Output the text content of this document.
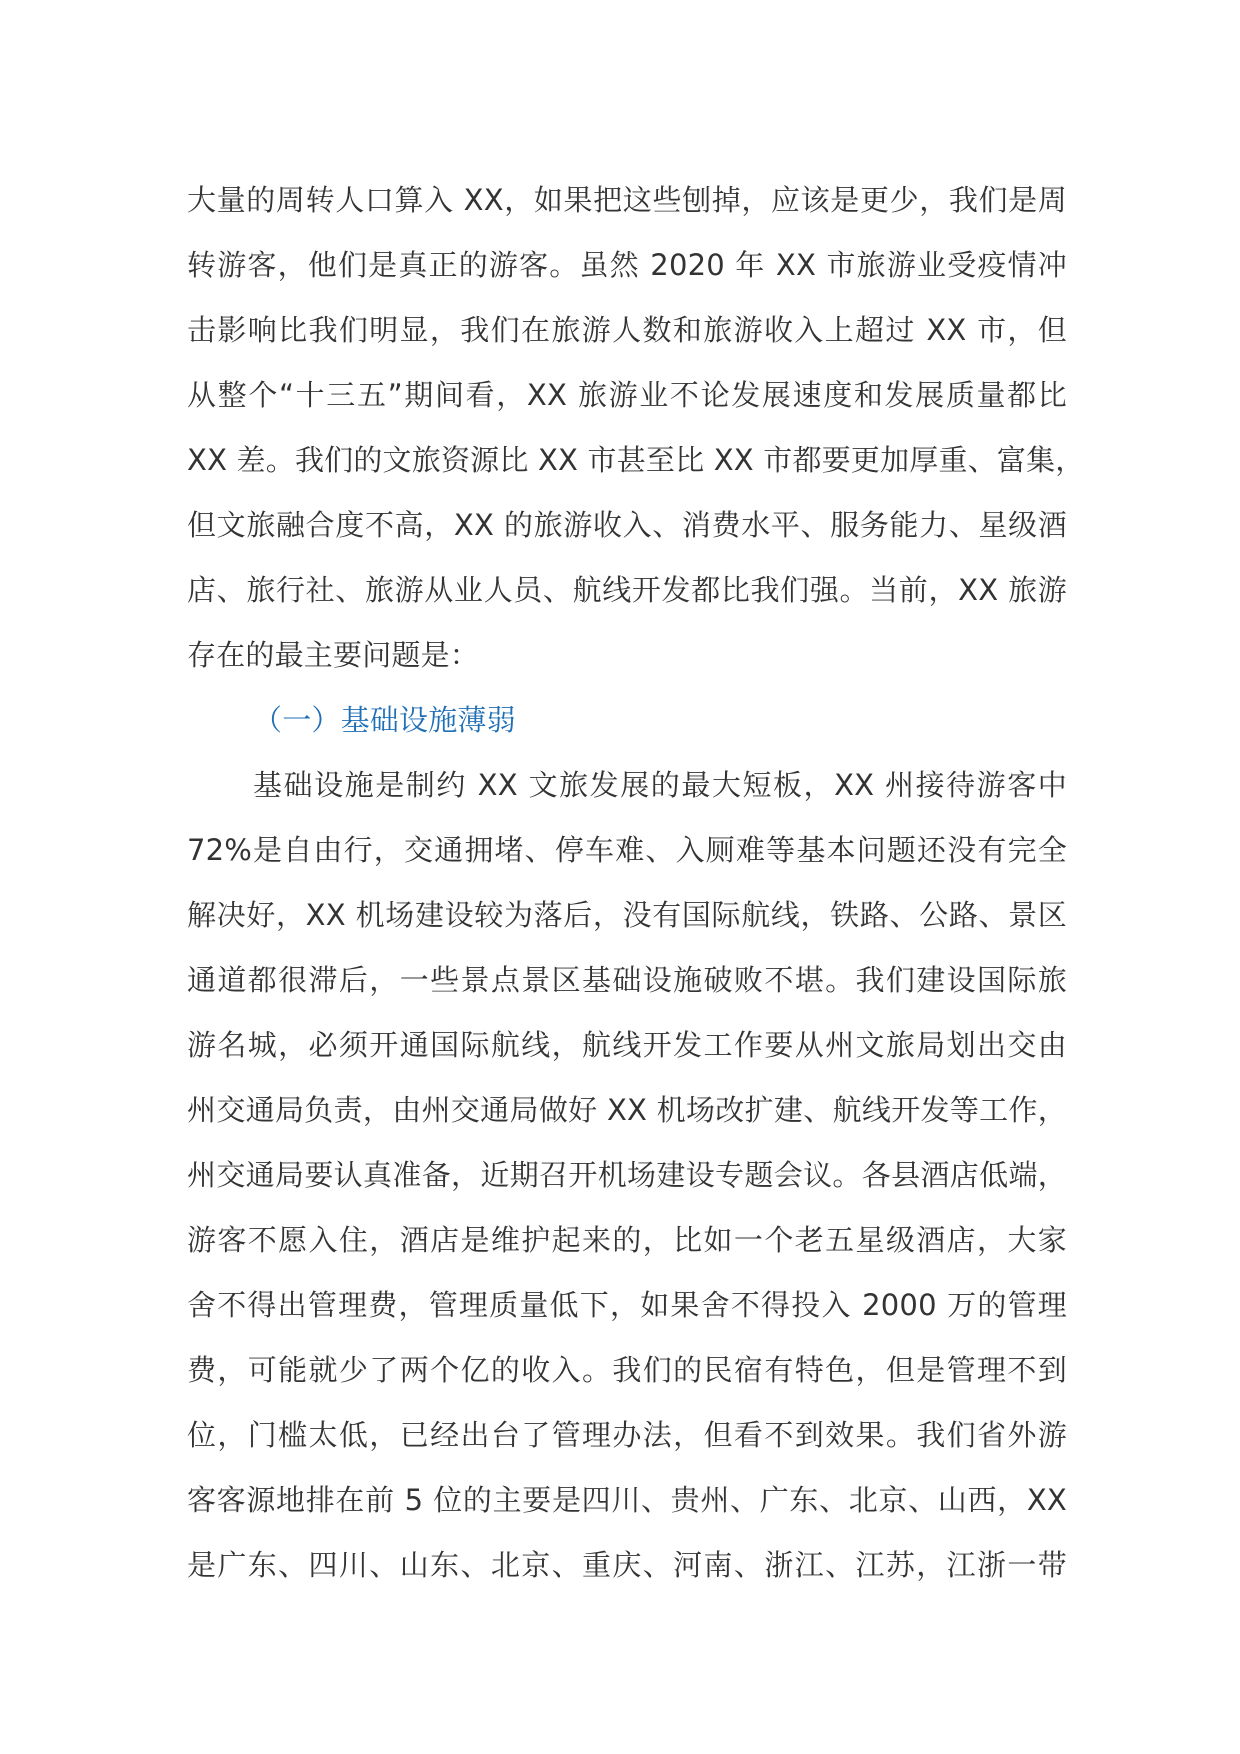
大量的周转人口算入 XX，如果把这些刨掉，应该是更少，我们是周
转游客，他们是真正的游客。虽然 2020 年 XX 市旅游业受疫情冲
击影响比我们明显，我们在旅游人数和旅游收入上超过 XX 市，但
从整个“十三五”期间看，XX 旅游业不论发展速度和发展质量都比
XX 差。我们的文旅资源比 XX 市甚至比 XX 市都要更加厚重、富集，
但文旅融合度不高，XX 的旅游收入、消费水平、服务能力、星级酒
店、旅行社、旅游从业人员、航线开发都比我们强。当前，XX 旅游
存在的最主要问题是：
（一）基础设施薄弱
基础设施是制约 XX 文旅发展的最大短板，XX 州接待游客中
72%是自由行，交通拥堵、停车难、入厕难等基本问题还没有完全
解决好，XX 机场建设较为落后，没有国际航线，铁路、公路、景区
通道都很滞后，一些景点景区基础设施破败不堪。我们建设国际旅
游名城，必须开通国际航线，航线开发工作要从州文旅局划出交由
州交通局负责，由州交通局做好 XX 机场改扩建、航线开发等工作，
州交通局要认真准备，近期召开机场建设专题会议。各县酒店低端，
游客不愿入住，酒店是维护起来的，比如一个老五星级酒店，大家
舍不得出管理费，管理质量低下，如果舍不得投入 2000 万的管理
费，可能就少了两个亿的收入。我们的民宿有特色，但是管理不到
位，门槛太低，已经出台了管理办法，但看不到效果。我们省外游
客客源地排在前 5 位的主要是四川、贵州、广东、北京、山西，XX
是广东、四川、山东、北京、重庆、河南、浙江、江苏，江浙一带
